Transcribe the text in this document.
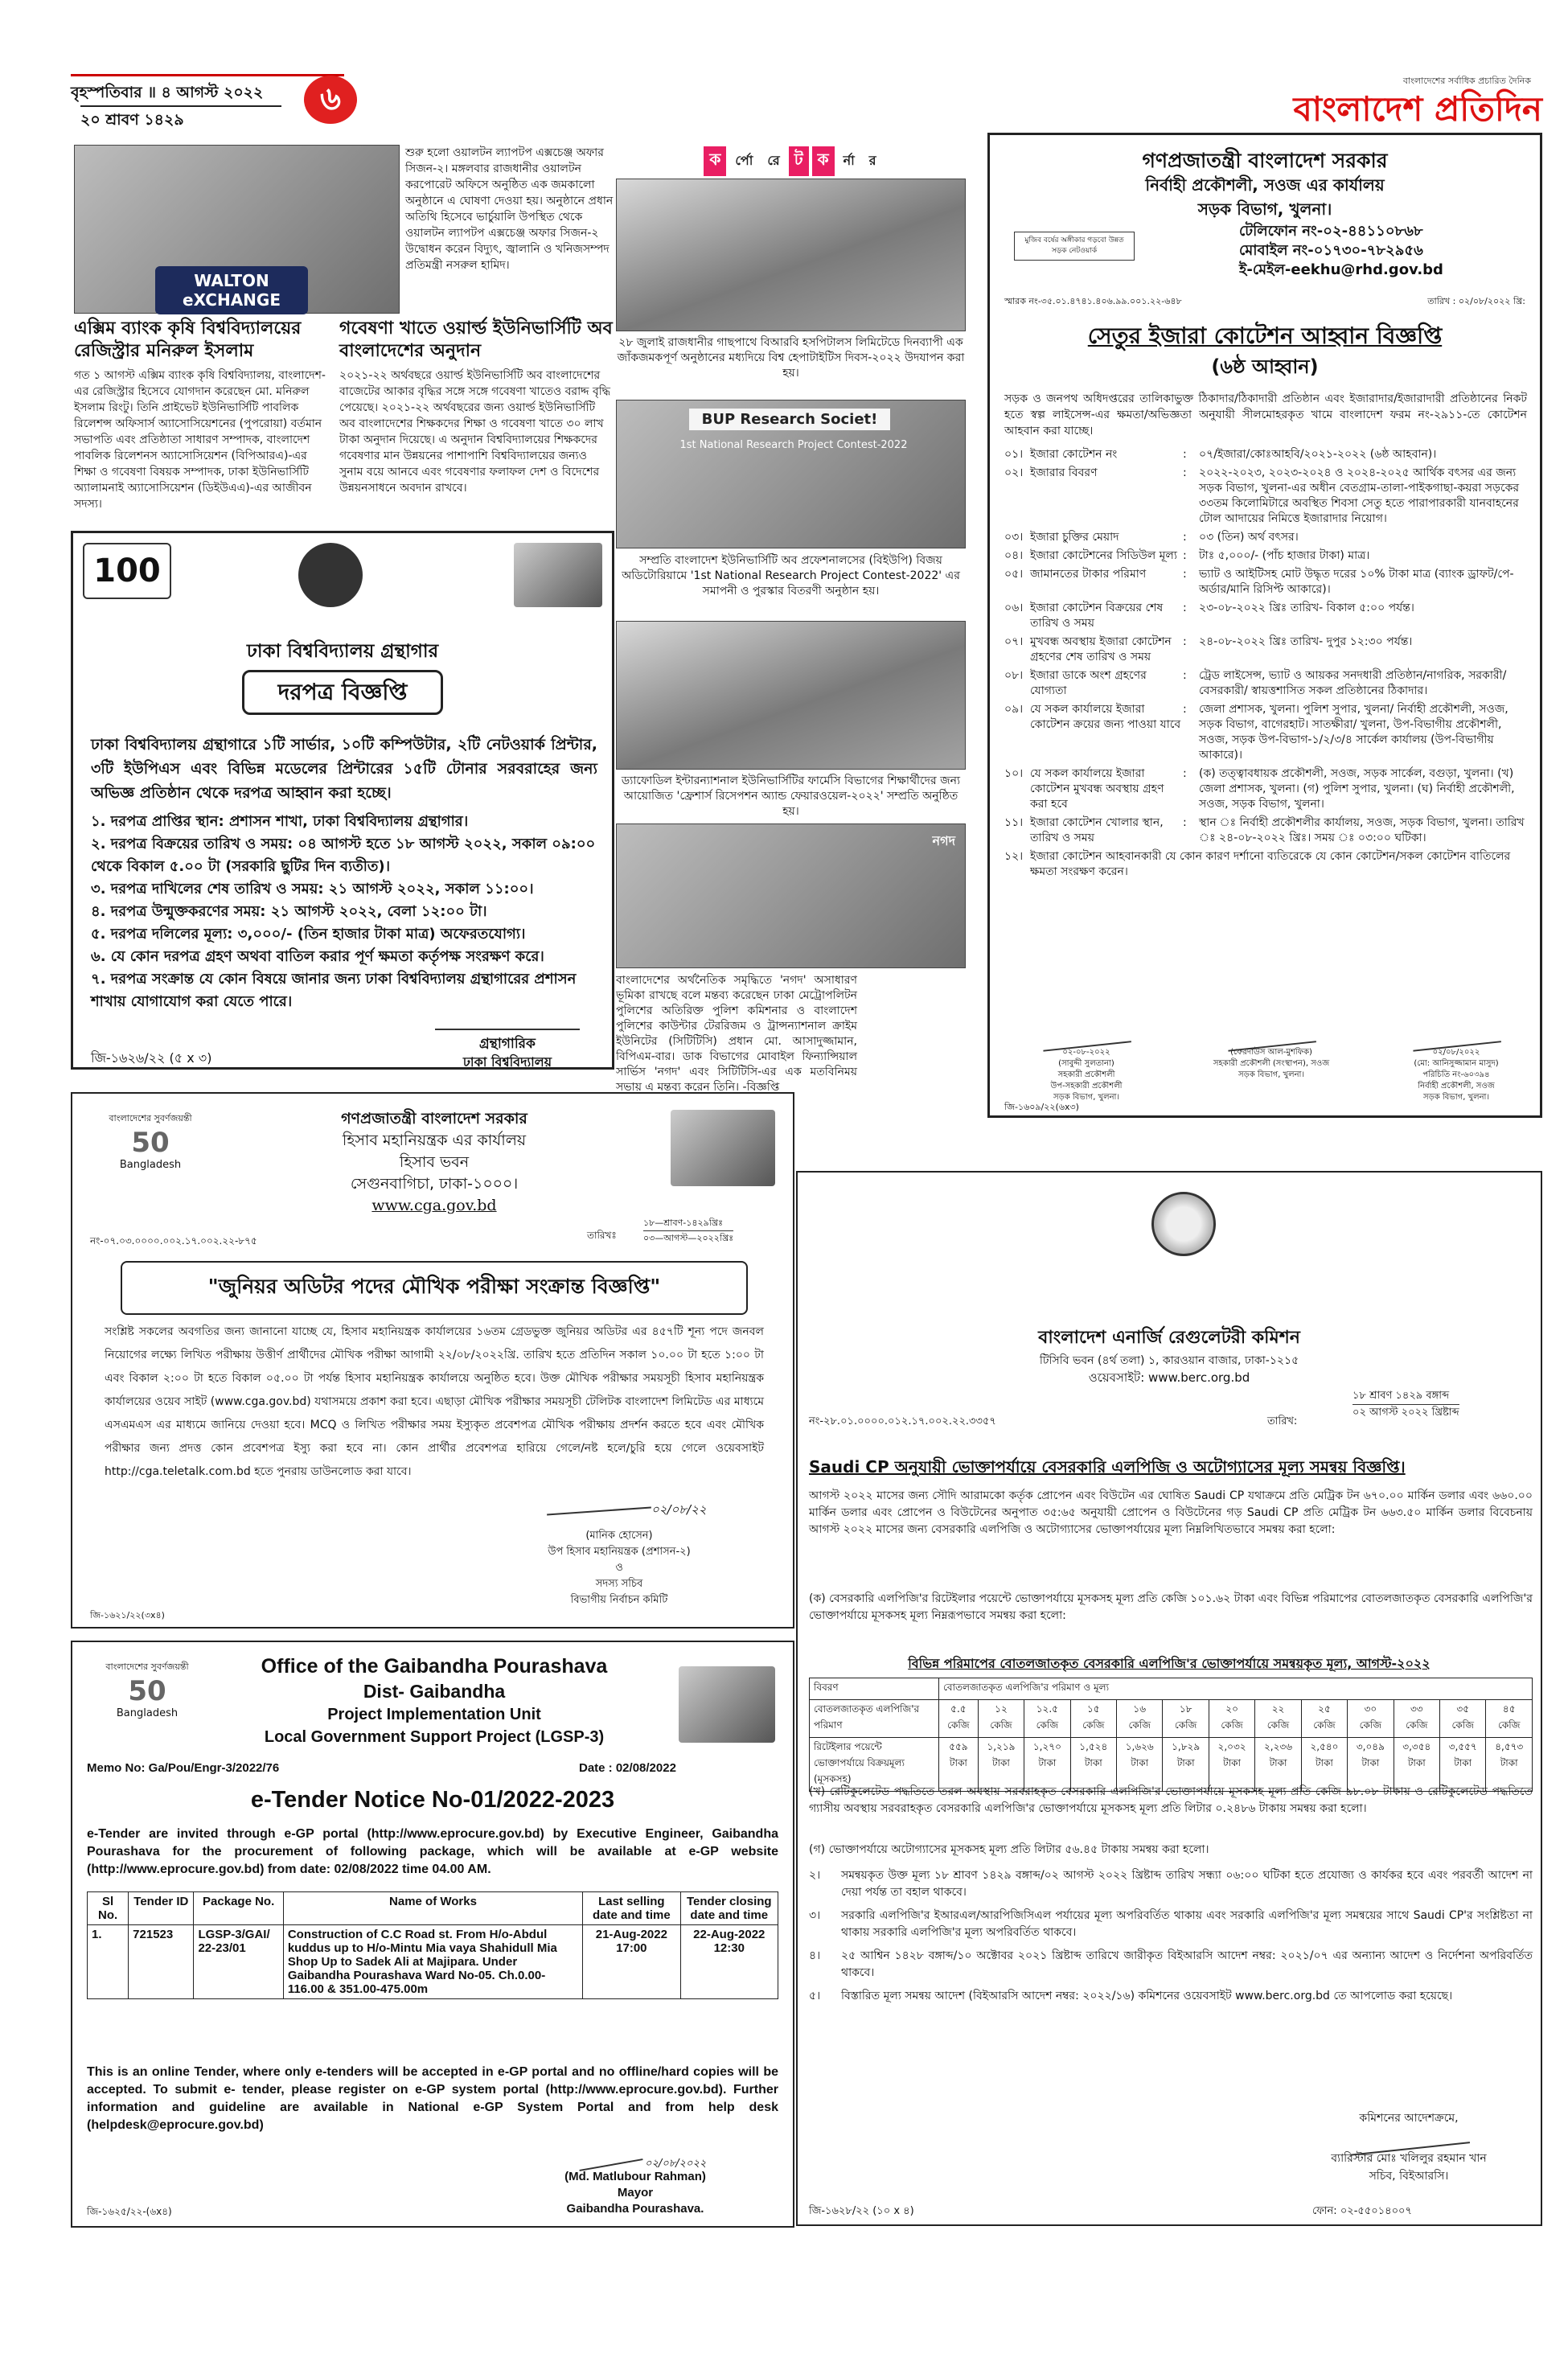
বৃহস্পতিবার ॥ ৪ আগস্ট ২০২২
২০ শ্রাবণ ১৪২৯
৬	বাংলাদেশের সর্বাধিক প্রচারিত দৈনিক
বাংলাদেশ প্রতিদিন
WALTON eXCHANGE
শুরু হলো ওয়ালটন ল্যাপটপ এক্সচেঞ্জ অফার সিজন-২। মঙ্গলবার রাজধানীর ওয়ালটন করপোরেট অফিসে অনুষ্ঠিত এক জমকালো অনুষ্ঠানে এ ঘোষণা দেওয়া হয়। অনুষ্ঠানে প্রধান অতিথি হিসেবে ভার্চুয়ালি উপস্থিত থেকে ওয়ালটন ল্যাপটপ এক্সচেঞ্জ অফার সিজন-২ উদ্বোধন করেন বিদ্যুৎ, জ্বালানি ও খনিজসম্পদ প্রতিমন্ত্রী নসরুল হামিদ।
এক্সিম ব্যাংক কৃষি বিশ্ববিদ্যালয়ের রেজিস্ট্রার মনিরুল ইসলাম
গত ১ আগস্ট এক্সিম ব্যাংক কৃষি বিশ্ববিদ্যালয়, বাংলাদেশ-এর রেজিস্ট্রার হিসেবে যোগদান করেছেন মো. মনিরুল ইসলাম রিংটু। তিনি প্রাইভেট ইউনিভার্সিটি পাবলিক রিলেশন্স অফিসার্স অ্যাসোসিয়েশনের (পুপরোয়া) বর্তমান সভাপতি এবং প্রতিষ্ঠাতা সাধারণ সম্পাদক, বাংলাদেশ পাবলিক রিলেশনস অ্যাসোসিয়েশন (বিপিআরএ)-এর শিক্ষা ও গবেষণা বিষয়ক সম্পাদক, ঢাকা ইউনিভার্সিটি অ্যালামনাই অ্যাসোসিয়েশন (ডিইউএএ)-এর আজীবন সদস্য।
গবেষণা খাতে ওয়ার্ল্ড ইউনিভার্সিটি অব বাংলাদেশের অনুদান
২০২১-২২ অর্থবছরে ওয়ার্ল্ড ইউনিভার্সিটি অব বাংলাদেশের বাজেটের আকার বৃদ্ধির সঙ্গে সঙ্গে গবেষণা খাতেও বরাদ্দ বৃদ্ধি পেয়েছে। ২০২১-২২ অর্থবছরের জন্য ওয়ার্ল্ড ইউনিভার্সিটি অব বাংলাদেশের শিক্ষকদের শিক্ষা ও গবেষণা খাতে ৩০ লাখ টাকা অনুদান দিয়েছে। এ অনুদান বিশ্ববিদ্যালয়ের শিক্ষকদের গবেষণার মান উন্নয়নের পাশাপাশি বিশ্ববিদ্যালয়ের জন্যও সুনাম বয়ে আনবে এবং গবেষণার ফলাফল দেশ ও বিদেশের উন্নয়নসাধনে অবদান রাখবে।
ক র্পো রে ট ক র্না র
২৮ জুলাই রাজধানীর গাছপাথে বিআরবি হসপিটালস লিমিটেডে দিনব্যাপী এক জাঁকজমকপূর্ণ অনুষ্ঠানের মধ্যদিয়ে বিশ্ব হেপাটাইটিস দিবস-২০২২ উদযাপন করা হয়।
BUP Research Societ!
1st National Research Project Contest-2022
সম্প্রতি বাংলাদেশ ইউনিভার্সিটি অব প্রফেশনালসের (বিইউপি) বিজয় অডিটোরিয়ামে '1st National Research Project Contest-2022' এর সমাপনী ও পুরস্কার বিতরণী অনুষ্ঠান হয়।
ড্যাফোডিল ইন্টারন্যাশনাল ইউনিভার্সিটির ফার্মেসি বিভাগের শিক্ষার্থীদের জন্য আয়োজিত 'ফ্রেশার্স রিসেপশন অ্যান্ড ফেয়ারওয়েল-২০২২' সম্প্রতি অনুষ্ঠিত হয়।
নগদ
বাংলাদেশের অর্থনৈতিক সমৃদ্ধিতে 'নগদ' অসাধারণ ভূমিকা রাখছে বলে মন্তব্য করেছেন ঢাকা মেট্রোপলিটন পুলিশের অতিরিক্ত পুলিশ কমিশনার ও বাংলাদেশ পুলিশের কাউন্টার টেররিজম ও ট্রান্সন্যাশনাল ক্রাইম ইউনিটের (সিটিটিসি) প্রধান মো. আসাদুজ্জামান, বিপিএম-বার। ডাক বিভাগের মোবাইল ফিন্যান্সিয়াল সার্ভিস 'নগদ' এবং সিটিটিসি-এর এক মতবিনিময় সভায় এ মন্তব্য করেন তিনি। -বিজ্ঞপ্তি
100
ঢাকা বিশ্ববিদ্যালয় গ্রন্থাগার
দরপত্র বিজ্ঞপ্তি
ঢাকা বিশ্ববিদ্যালয় গ্রন্থাগারে ১টি সার্ভার, ১০টি কম্পিউটার, ২টি নেটওয়ার্ক প্রিন্টার, ৩টি ইউপিএস এবং বিভিন্ন মডেলের প্রিন্টারের ১৫টি টোনার সরবরাহের জন্য অভিজ্ঞ প্রতিষ্ঠান থেকে দরপত্র আহ্বান করা হচ্ছে।
১. দরপত্র প্রাপ্তির স্থান: প্রশাসন শাখা, ঢাকা বিশ্ববিদ্যালয় গ্রন্থাগার।
২. দরপত্র বিক্রয়ের তারিখ ও সময়: ০৪ আগস্ট হতে ১৮ আগস্ট ২০২২, সকাল ০৯:০০ থেকে বিকাল ৫.০০ টা (সরকারি ছুটির দিন ব্যতীত)।
৩. দরপত্র দাখিলের শেষ তারিখ ও সময়: ২১ আগস্ট ২০২২, সকাল ১১:০০।
৪. দরপত্র উন্মুক্তকরণের সময়: ২১ আগস্ট ২০২২, বেলা ১২:০০ টা।
৫. দরপত্র দলিলের মূল্য: ৩,০০০/- (তিন হাজার টাকা মাত্র) অফেরতযোগ্য।
৬. যে কোন দরপত্র গ্রহণ অথবা বাতিল করার পূর্ণ ক্ষমতা কর্তৃপক্ষ সংরক্ষণ করে।
৭. দরপত্র সংক্রান্ত যে কোন বিষয়ে জানার জন্য ঢাকা বিশ্ববিদ্যালয় গ্রন্থাগারের প্রশাসন শাখায় যোগাযোগ করা যেতে পারে।
গ্রন্থাগারিক
ঢাকা বিশ্ববিদ্যালয়
জি-১৬২৬/২২ (৫ x ৩)
গণপ্রজাতন্ত্রী বাংলাদেশ সরকার
নির্বাহী প্রকৌশলী, সওজ এর কার্যালয়
সড়ক বিভাগ, খুলনা।
মুজিব বর্ষের অঙ্গীকার গড়বো উন্নত সড়ক নেটওয়ার্ক
টেলিফোন নং-০২-৪৪১১০৮৬৮
মোবাইল নং-০১৭৩০-৭৮২৯৫৬
ই-মেইল-eekhu@rhd.gov.bd
স্মারক নং-৩৫.০১.৪৭৪১.৪০৬.৯৯.০০১.২২-৬৪৮	তারিখ : ০২/০৮/২০২২ খ্রি:
সেতুর ইজারা কোটেশন আহ্বান বিজ্ঞপ্তি
(৬ষ্ঠ আহ্বান)
সড়ক ও জনপথ অধিদপ্তরের তালিকাভুক্ত ঠিকাদার/ঠিকাদারী প্রতিষ্ঠান এবং ইজারাদার/ইজারাদারী প্রতিষ্ঠানের নিকট হতে স্বল্প লাইসেন্স-এর ক্ষমতা/অভিজ্ঞতা অনুযায়ী সীলমোহরকৃত খামে বাংলাদেশ ফরম নং-২৯১১-তে কোটেশন আহবান করা যাচ্ছে।
০১। ইজারা কোটেশন নং	:	০৭/ইজারা/কোঃআহবি/২০২১-২০২২ (৬ষ্ঠ আহবান)।
০২। ইজারার বিবরণ	:	২০২২-২০২৩, ২০২৩-২০২৪ ও ২০২৪-২০২৫ আর্থিক বৎসর এর জন্য সড়ক বিভাগ, খুলনা-এর অধীন বেতগ্রাম-তালা-পাইকগাছা-কয়রা সড়কের ৩৩তম কিলোমিটারে অবস্থিত শিবসা সেতু হতে পারাপারকারী যানবাহনের টোল আদায়ের নিমিত্তে ইজারাদার নিয়োগ।
০৩। ইজারা চুক্তির মেয়াদ	:	০৩ (তিন) অর্থ বৎসর।
০৪। ইজারা কোটেশনের সিডিউল মূল্য :	টাঃ ৫,০০০/- (পাঁচ হাজার টাকা) মাত্র।
০৫। জামানতের টাকার পরিমাণ	:	ভ্যাট ও আইটিসহ মোট উদ্ধৃত দরের ১০% টাকা মাত্র (ব্যাংক ড্রাফট/পে-অর্ডার/মানি রিসিপ্ট আকারে)।
০৬। ইজারা কোটেশন বিক্রয়ের শেষ তারিখ ও সময়
:	২৩-০৮-২০২২ খ্রিঃ তারিখ- বিকাল ৫:০০ পর্যন্ত।
০৭। মুখবন্ধ অবস্থায় ইজারা কোটেশন গ্রহণের শেষ তারিখ ও সময়
:	২৪-০৮-২০২২ খ্রিঃ তারিখ- দুপুর ১২:৩০ পর্যন্ত।
০৮। ইজারা ডাকে অংশ গ্রহণের যোগ্যতা
:	ট্রেড লাইসেন্স, ভ্যাট ও আয়কর সনদধারী প্রতিষ্ঠান/নাগরিক, সরকারী/বেসরকারী/ স্বায়ত্তশাসিত সকল প্রতিষ্ঠানের ঠিকাদার।
০৯। যে সকল কার্যালয়ে ইজারা কোটেশন ক্রয়ের জন্য পাওয়া যাবে
:	জেলা প্রশাসক, খুলনা। পুলিশ সুপার, খুলনা/ নির্বাহী প্রকৌশলী, সওজ, সড়ক বিভাগ, বাগেরহাট। সাতক্ষীরা/ খুলনা, উপ-বিভাগীয় প্রকৌশলী, সওজ, সড়ক উপ-বিভাগ-১/২/৩/৪ সার্কেল কার্যালয় (উপ-বিভাগীয় আকারে)।
১০। যে সকল কার্যালয়ে ইজারা কোটেশন মুখবন্ধ অবস্থায় গ্রহণ করা হবে
:	(ক) তত্ত্বাবধায়ক প্রকৌশলী, সওজ, সড়ক সার্কেল, বগুড়া, খুলনা। (খ) জেলা প্রশাসক, খুলনা। (গ) পুলিশ সুপার, খুলনা। (ঘ) নির্বাহী প্রকৌশলী, সওজ, সড়ক বিভাগ, খুলনা।
১১। ইজারা কোটেশন খোলার স্থান, তারিখ ও সময়
:	স্থান ঃ নির্বাহী প্রকৌশলীর কার্যালয়, সওজ, সড়ক বিভাগ, খুলনা। তারিখ ঃ ২৪-০৮-২০২২ খ্রিঃ। সময় ঃ ০৩:০০ ঘটিকা।
১২। ইজারা কোটেশন আহবানকারী যে কোন কারণ দর্শানো ব্যতিরেকে যে কোন কোটেশন/সকল কোটেশন বাতিলের ক্ষমতা সংরক্ষণ করেন।
০২-০৮-২০২২
(সাবুদ্দী সুলতানা)
সহকারী প্রকৌশলী
উপ-সহকারী প্রকৌশলী
সড়ক বিভাগ, খুলনা।
(ফেরদাউস আল-মুশফিক)
সহকারী প্রকৌশলী (সংস্থাপন), সওজ
সড়ক বিভাগ, খুলনা।
০২/০৮/২০২২
(মো: আনিসুজ্জামান মাসুদ)
পরিচিতি নং-৬০৩৯৪
নির্বাহী প্রকৌশলী, সওজ
সড়ক বিভাগ, খুলনা।
জি-১৬০৯/২২(৬x৩)
বাংলাদেশের সুবর্ণজয়ন্তী
50
Bangladesh
গণপ্রজাতন্ত্রী বাংলাদেশ সরকার
হিসাব মহানিয়ন্ত্রক এর কার্যালয়
হিসাব ভবন
সেগুনবাগিচা, ঢাকা-১০০০।
www.cga.gov.bd
নং-০৭.০৩.০০০০.০০২.১৭.০০২.২২-৮৭৫	তারিখঃ
১৮—শ্রাবণ-১৪২৯খ্রিঃ
০৩—আগস্ট—২০২২খ্রিঃ
"জুনিয়র অডিটর পদের মৌখিক পরীক্ষা সংক্রান্ত বিজ্ঞপ্তি"
সংশ্লিষ্ট সকলের অবগতির জন্য জানানো যাচ্ছে যে, হিসাব মহানিয়ন্ত্রক কার্যালয়ের ১৬তম গ্রেডভুক্ত জুনিয়র অডিটর এর ৪৫৭টি শূন্য পদে জনবল নিয়োগের লক্ষ্যে লিখিত পরীক্ষায় উত্তীর্ণ প্রার্থীদের মৌখিক পরীক্ষা আগামী ২২/০৮/২০২২খ্রি. তারিখ হতে প্রতিদিন সকাল ১০.০০ টা হতে ১:০০ টা এবং বিকাল ২:০০ টা হতে বিকাল ০৫.০০ টা পর্যন্ত হিসাব মহানিয়ন্ত্রক কার্যালয়ে অনুষ্ঠিত হবে। উক্ত মৌখিক পরীক্ষার সময়সূচী হিসাব মহানিয়ন্ত্রক কার্যালয়ের ওয়েব সাইট (www.cga.gov.bd) যথাসময়ে প্রকাশ করা হবে। এছাড়া মৌখিক পরীক্ষার সময়সূচী টেলিটক বাংলাদেশ লিমিটেড এর মাধ্যমে এসএমএস এর মাধ্যমে জানিয়ে দেওয়া হবে। MCQ ও লিখিত পরীক্ষার সময় ইস্যুকৃত প্রবেশপত্র মৌখিক পরীক্ষায় প্রদর্শন করতে হবে এবং মৌখিক পরীক্ষার জন্য প্রদত্ত কোন প্রবেশপত্র ইস্যু করা হবে না। কোন প্রার্থীর প্রবেশপত্র হারিয়ে গেলে/নষ্ট হলে/চুরি হয়ে গেলে ওয়েবসাইট http://cga.teletalk.com.bd হতে পুনরায় ডাউনলোড করা যাবে।
০২/০৮/২২
(মানিক হোসেন)
উপ হিসাব মহানিয়ন্ত্রক (প্রশাসন-২)
ও
সদস্য সচিব
বিভাগীয় নির্বাচন কমিটি
জি-১৬২১/২২(৩x৪)
বাংলাদেশের সুবর্ণজয়ন্তী
50
Bangladesh
Office of the Gaibandha Pourashava
Dist- Gaibandha
Project Implementation Unit
Local Government Support Project (LGSP-3)
Memo No: Ga/Pou/Engr-3/2022/76	Date : 02/08/2022
e-Tender Notice No-01/2022-2023
e-Tender are invited through e-GP portal (http://www.eprocure.gov.bd) by Executive Engineer, Gaibandha Pourashava for the procurement of following package, which will be available at e-GP website (http://www.eprocure.gov.bd) from date: 02/08/2022 time 04.00 AM.
Sl No.	Tender ID	Package No.	Name of Works	Last selling date and time	Tender closing date and time
1.	721523	LGSP-3/GAI/ 22-23/01	Construction of C.C Road st. From H/o-Abdul kuddus up to H/o-Mintu Mia vaya Shahidull Mia Shop Up to Sadek Ali at Majipara. Under Gaibandha Pourashava Ward No-05. Ch.0.00-116.00 & 351.00-475.00m	21-Aug-2022 17:00	22-Aug-2022 12:30
This is an online Tender, where only e-tenders will be accepted in e-GP portal and no offline/hard copies will be accepted. To submit e- tender, please register on e-GP system portal (http://www.eprocure.gov.bd). Further information and guideline are available in National e-GP System Portal and from help desk (helpdesk@eprocure.gov.bd)
০২/০৮/২০২২
(Md. Matlubour Rahman)
Mayor
Gaibandha Pourashava.
জি-১৬২৫/২২-(৬x৪)
বাংলাদেশ এনার্জি রেগুলেটরী কমিশন
টিসিবি ভবন (৪র্থ তলা) ১, কারওয়ান বাজার, ঢাকা-১২১৫
ওয়েবসাইট: www.berc.org.bd
নং-২৮.০১.০০০০.০১২.১৭.০০২.২২.৩৩৫৭	তারিখ:
১৮ শ্রাবণ ১৪২৯ বঙ্গাব্দ
০২ আগস্ট ২০২২ খ্রিষ্টাব্দ
Saudi CP অনুযায়ী ভোক্তাপর্যায়ে বেসরকারি এলপিজি ও অটোগ্যাসের মূল্য সমন্বয় বিজ্ঞপ্তি।
আগস্ট ২০২২ মাসের জন্য সৌদি আরামকো কর্তৃক প্রোপেন এবং বিউটেন এর ঘোষিত Saudi CP যথাক্রমে প্রতি মেট্রিক টন ৬৭০.০০ মার্কিন ডলার এবং ৬৬০.০০ মার্কিন ডলার এবং প্রোপেন ও বিউটেনের অনুপাত ৩৫:৬৫ অনুযায়ী প্রোপেন ও বিউটেনের গড় Saudi CP প্রতি মেট্রিক টন ৬৬৩.৫০ মার্কিন ডলার বিবেচনায় আগস্ট ২০২২ মাসের জন্য বেসরকারি এলপিজি ও অটোগ্যাসের ভোক্তাপর্যায়ের মূল্য নিম্নলিখিতভাবে সমন্বয় করা হলো:
(ক) বেসরকারি এলপিজি'র রিটেইলার পয়েন্টে ভোক্তাপর্যায়ে মূসকসহ মূল্য প্রতি কেজি ১০১.৬২ টাকা এবং বিভিন্ন পরিমাপের বোতলজাতকৃত বেসরকারি এলপিজি'র ভোক্তাপর্যায়ে মূসকসহ মূল্য নিম্নরূপভাবে সমন্বয় করা হলো:
বিভিন্ন পরিমাপের বোতলজাতকৃত বেসরকারি এলপিজি'র ভোক্তাপর্যায়ে সমন্বয়কৃত মূল্য, আগস্ট-২০২২
বিবরণ	বোতলজাতকৃত এলপিজি'র পরিমাণ ও মূল্য												
বোতলজাতকৃত এলপিজি'র পরিমাণ	৫.৫ কেজি	১২ কেজি	১২.৫ কেজি	১৫ কেজি	১৬ কেজি	১৮ কেজি	২০ কেজি	২২ কেজি	২৫ কেজি	৩০ কেজি	৩৩ কেজি	৩৫ কেজি	৪৫ কেজি
রিটেইলার পয়েন্টে ভোক্তাপর্যায়ে বিক্রয়মূল্য (মূসকসহ)	৫৫৯ টাকা	১,২১৯ টাকা	১,২৭০ টাকা	১,৫২৪ টাকা	১,৬২৬ টাকা	১,৮২৯ টাকা	২,০৩২ টাকা	২,২৩৬ টাকা	২,৫৪০ টাকা	৩,০৪৯ টাকা	৩,৩৫৪ টাকা	৩,৫৫৭ টাকা	৪,৫৭৩ টাকা
(খ) রেটিকুলেটেড পদ্ধতিতে তরল অবস্থায় সরবরাহকৃত বেসরকারি এলপিজি'র ভোক্তাপর্যায়ে মূসকসহ মূল্য প্রতি কেজি ৯৮.০৮ টাকায় ও রেটিকুলেটেড পদ্ধতিতে গ্যাসীয় অবস্থায় সরবরাহকৃত বেসরকারি এলপিজি'র ভোক্তাপর্যায়ে মূসকসহ মূল্য প্রতি লিটার ০.২৪৮৬ টাকায় সমন্বয় করা হলো।
(গ) ভোক্তাপর্যায়ে অটোগ্যাসের মূসকসহ মূল্য প্রতি লিটার ৫৬.৪৫ টাকায় সমন্বয় করা হলো।
২।	সমন্বয়কৃত উক্ত মূল্য ১৮ শ্রাবণ ১৪২৯ বঙ্গাব্দ/০২ আগস্ট ২০২২ খ্রিষ্টাব্দ তারিখ সন্ধ্যা ০৬:০০ ঘটিকা হতে প্রযোজ্য ও কার্যকর হবে এবং পরবর্তী আদেশ না দেয়া পর্যন্ত তা বহাল থাকবে।
৩।	সরকারি এলপিজি'র ইআরএল/আরপিজিসিএল পর্যায়ের মূল্য অপরিবর্তিত থাকায় এবং সরকারি এলপিজি'র মূল্য সমন্বয়ের সাথে Saudi CP'র সংশ্লিষ্টতা না থাকায় সরকারি এলপিজি'র মূল্য অপরিবর্তিত থাকবে।
৪।	২৫ আশ্বিন ১৪২৮ বঙ্গাব্দ/১০ অক্টোবর ২০২১ খ্রিষ্টাব্দ তারিখে জারীকৃত বিইআরসি আদেশ নম্বর: ২০২১/০৭ এর অন্যান্য আদেশ ও নির্দেশনা অপরিবর্তিত থাকবে।
৫।	বিস্তারিত মূল্য সমন্বয় আদেশ (বিইআরসি আদেশ নম্বর: ২০২২/১৬) কমিশনের ওয়েবসাইট www.berc.org.bd তে আপলোড করা হয়েছে।
কমিশনের আদেশক্রমে,
ব্যারিস্টার মোঃ খলিলুর রহমান খান
সচিব, বিইআরসি।
জি-১৬২৮/২২ (১০ x ৪)	ফোন: ০২-৫৫০১৪০০৭
